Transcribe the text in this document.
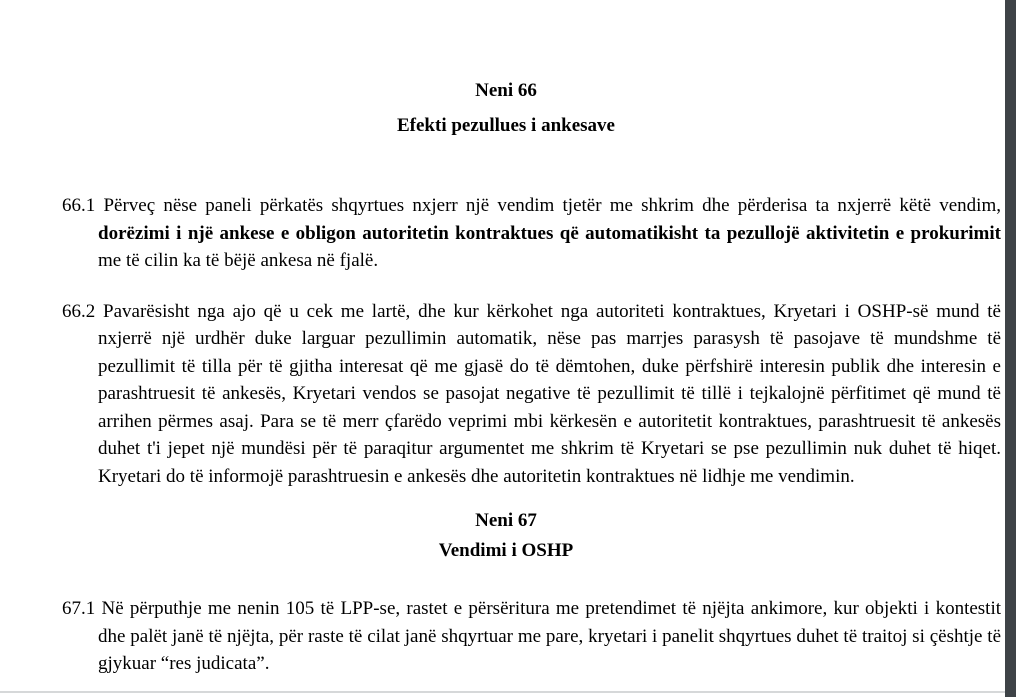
Neni 66
Efekti pezullues i ankesave
66.1 Përveç nëse paneli përkatës shqyrtues nxjerr një vendim tjetër me shkrim dhe përderisa ta nxjerrë këtë vendim, dorëzimi i një ankese e obligon autoritetin kontraktues që automatikisht ta pezullojë aktivitetin e prokurimit me të cilin ka të bëjë ankesa në fjalë.
66.2 Pavarësisht nga ajo që u cek me lartë, dhe kur kërkohet nga autoriteti kontraktues, Kryetari i OSHP-së mund të nxjerrë një urdhër duke larguar pezullimin automatik, nëse pas marrjes parasysh të pasojave të mundshme të pezullimit të tilla për të gjitha interesat që me gjasë do të dëmtohen, duke përfshirë interesin publik dhe interesin e parashtruesit të ankesës, Kryetari vendos se pasojat negative të pezullimit të tillë i tejkalojnë përfitimet që mund të arrihen përmes asaj. Para se të merr çfarëdo veprimi mbi kërkesën e autoritetit kontraktues, parashtruesit të ankesës duhet t'i jepet një mundësi për të paraqitur argumentet me shkrim të Kryetari se pse pezullimin nuk duhet të hiqet. Kryetari do të informojë parashtruesin e ankesës dhe autoritetin kontraktues në lidhje me vendimin.
Neni 67
Vendimi i OSHP
67.1 Në përputhje me nenin 105 të LPP-se, rastet e përsëritura me pretendimet të njëjta ankimore, kur objekti i kontestit dhe palët janë të njëjta, për raste të cilat janë shqyrtuar me pare, kryetari i panelit shqyrtues duhet të traitoj si çështje të gjykuar “res judicata”.
